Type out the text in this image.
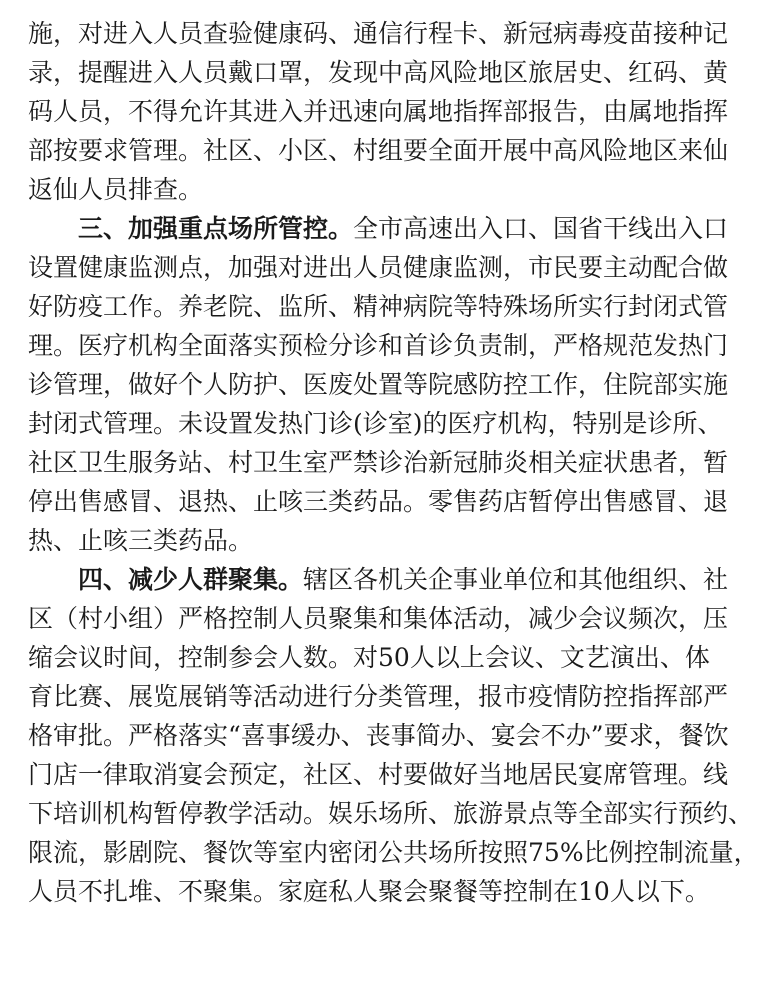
施，对进入人员查验健康码、通信行程卡、新冠病毒疫苗接种记
录，提醒进入人员戴口罩，发现中高风险地区旅居史、红码、黄
码人员，不得允许其进入并迅速向属地指挥部报告，由属地指挥
部按要求管理。社区、小区、村组要全面开展中高风险地区来仙
返仙人员排查。
三、加强重点场所管控。全市高速出入口、国省干线出入口
设置健康监测点，加强对进出人员健康监测，市民要主动配合做
好防疫工作。养老院、监所、精神病院等特殊场所实行封闭式管
理。医疗机构全面落实预检分诊和首诊负责制，严格规范发热门
诊管理，做好个人防护、医废处置等院感防控工作，住院部实施
封闭式管理。未设置发热门诊(诊室)的医疗机构，特别是诊所、
社区卫生服务站、村卫生室严禁诊治新冠肺炎相关症状患者，暂
停出售感冒、退热、止咳三类药品。零售药店暂停出售感冒、退
热、止咳三类药品。
四、减少人群聚集。辖区各机关企事业单位和其他组织、社
区（村小组）严格控制人员聚集和集体活动，减少会议频次，压
缩会议时间，控制参会人数。对50人以上会议、文艺演出、体
育比赛、展览展销等活动进行分类管理，报市疫情防控指挥部严
格审批。严格落实“喜事缓办、丧事简办、宴会不办”要求，餐饮
门店一律取消宴会预定，社区、村要做好当地居民宴席管理。线
下培训机构暂停教学活动。娱乐场所、旅游景点等全部实行预约、
限流，影剧院、餐饮等室内密闭公共场所按照75%比例控制流量，
人员不扎堆、不聚集。家庭私人聚会聚餐等控制在10人以下。
